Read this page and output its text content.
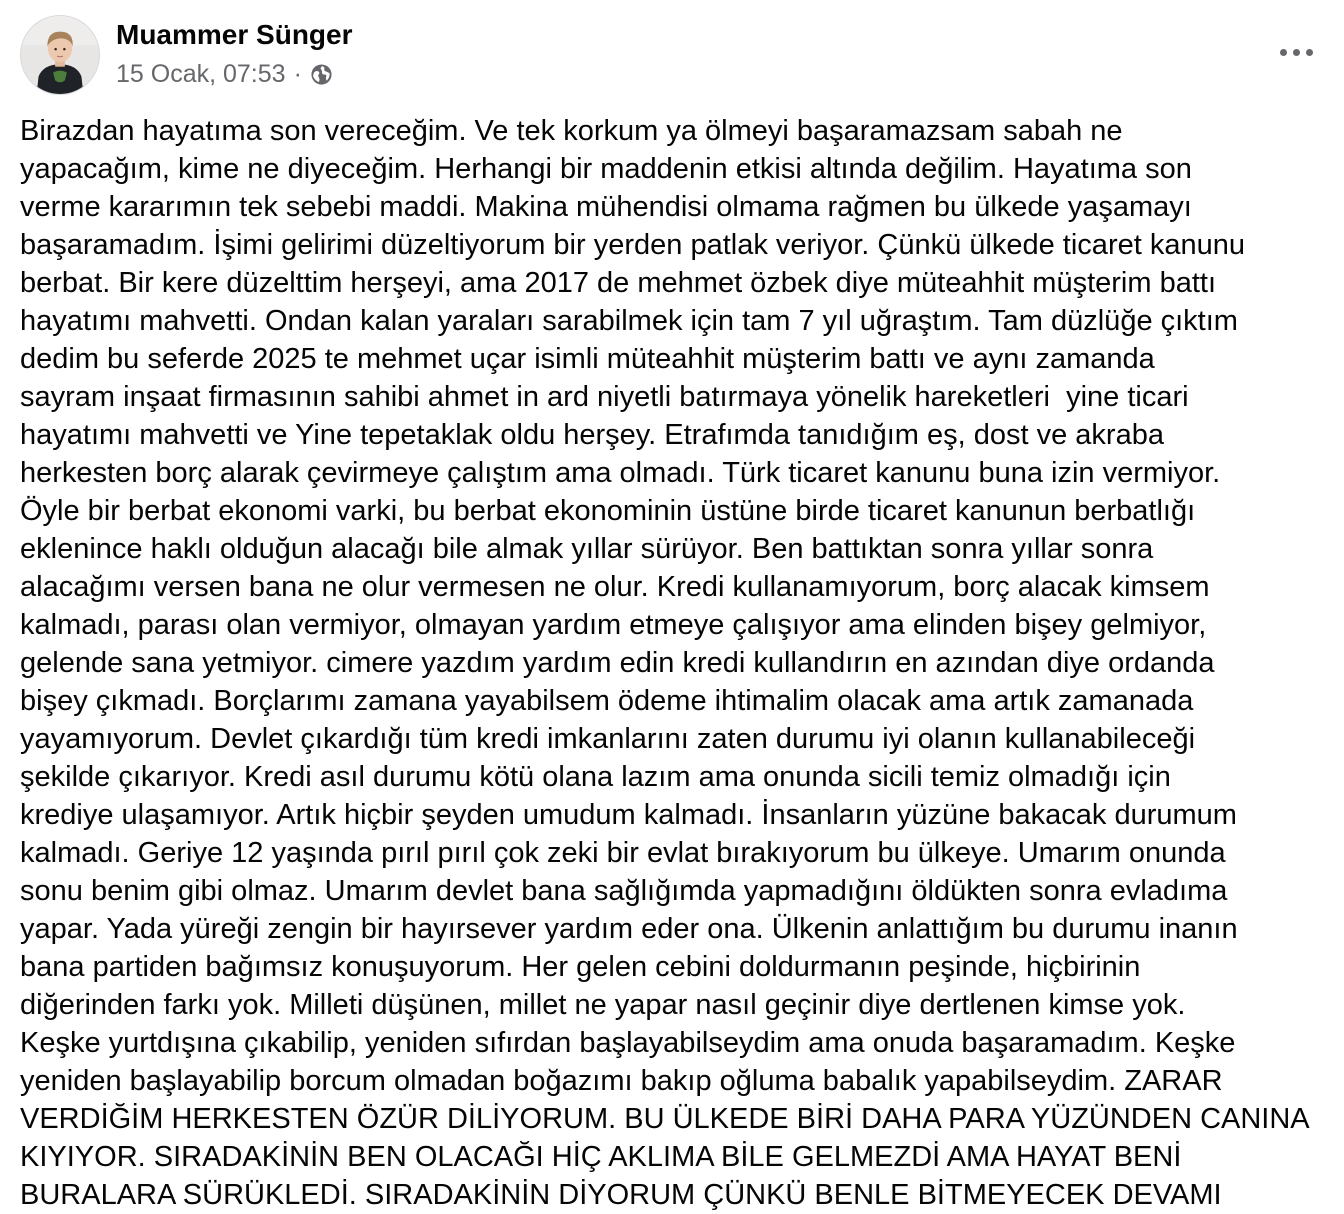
Muammer Sünger
15 Ocak, 07:53 ·
Birazdan hayatıma son vereceğim. Ve tek korkum ya ölmeyi başaramazsam sabah ne
yapacağım, kime ne diyeceğim. Herhangi bir maddenin etkisi altında değilim. Hayatıma son
verme kararımın tek sebebi maddi. Makina mühendisi olmama rağmen bu ülkede yaşamayı
başaramadım. İşimi gelirimi düzeltiyorum bir yerden patlak veriyor. Çünkü ülkede ticaret kanunu
berbat. Bir kere düzelttim herşeyi, ama 2017 de mehmet özbek diye müteahhit müşterim battı
hayatımı mahvetti. Ondan kalan yaraları sarabilmek için tam 7 yıl uğraştım. Tam düzlüğe çıktım
dedim bu seferde 2025 te mehmet uçar isimli müteahhit müşterim battı ve aynı zamanda
sayram inşaat firmasının sahibi ahmet in ard niyetli batırmaya yönelik hareketleri  yine ticari
hayatımı mahvetti ve Yine tepetaklak oldu herşey. Etrafımda tanıdığım eş, dost ve akraba
herkesten borç alarak çevirmeye çalıştım ama olmadı. Türk ticaret kanunu buna izin vermiyor.
Öyle bir berbat ekonomi varki, bu berbat ekonominin üstüne birde ticaret kanunun berbatlığı
eklenince haklı olduğun alacağı bile almak yıllar sürüyor. Ben battıktan sonra yıllar sonra
alacağımı versen bana ne olur vermesen ne olur. Kredi kullanamıyorum, borç alacak kimsem
kalmadı, parası olan vermiyor, olmayan yardım etmeye çalışıyor ama elinden bişey gelmiyor,
gelende sana yetmiyor. cimere yazdım yardım edin kredi kullandırın en azından diye ordanda
bişey çıkmadı. Borçlarımı zamana yayabilsem ödeme ihtimalim olacak ama artık zamanada
yayamıyorum. Devlet çıkardığı tüm kredi imkanlarını zaten durumu iyi olanın kullanabileceği
şekilde çıkarıyor. Kredi asıl durumu kötü olana lazım ama onunda sicili temiz olmadığı için
krediye ulaşamıyor. Artık hiçbir şeyden umudum kalmadı. İnsanların yüzüne bakacak durumum
kalmadı. Geriye 12 yaşında pırıl pırıl çok zeki bir evlat bırakıyorum bu ülkeye. Umarım onunda
sonu benim gibi olmaz. Umarım devlet bana sağlığımda yapmadığını öldükten sonra evladıma
yapar. Yada yüreği zengin bir hayırsever yardım eder ona. Ülkenin anlattığım bu durumu inanın
bana partiden bağımsız konuşuyorum. Her gelen cebini doldurmanın peşinde, hiçbirinin
diğerinden farkı yok. Milleti düşünen, millet ne yapar nasıl geçinir diye dertlenen kimse yok.
Keşke yurtdışına çıkabilip, yeniden sıfırdan başlayabilseydim ama onuda başaramadım. Keşke
yeniden başlayabilip borcum olmadan boğazımı bakıp oğluma babalık yapabilseydim. ZARAR
VERDİĞİM HERKESTEN ÖZÜR DİLİYORUM. BU ÜLKEDE BİRİ DAHA PARA YÜZÜNDEN CANINA
KIYIYOR. SIRADAKİNİN BEN OLACAĞI HİÇ AKLIMA BİLE GELMEZDİ AMA HAYAT BENİ
BURALARA SÜRÜKLEDİ. SIRADAKİNİN DİYORUM ÇÜNKÜ BENLE BİTMEYECEK DEVAMI
